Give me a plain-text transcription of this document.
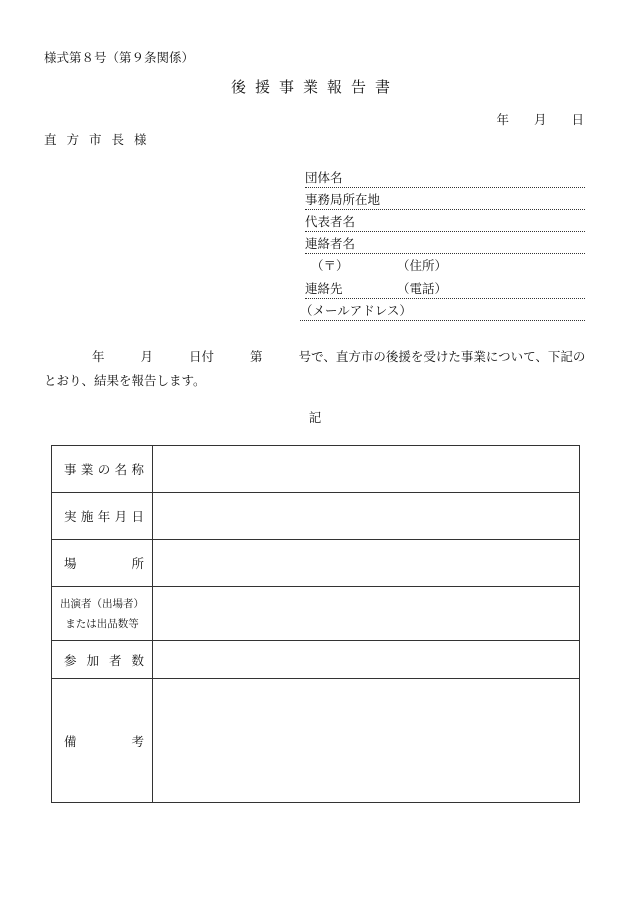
様式第８号（第９条関係）
後援事業報告書
年　　月　　日
直方市長様
団体名
事務局所在地
代表者名
連絡者名
（〒）	（住所）
連絡先	（電話）
（メールアドレス）
年	月	日付	第	号で、直方市の後援を受けた事業について、下記のとおり、結果を報告します。
記
事 業 の 名 称	

実 施 年 月 日	

場 所	

出演者（出場者）
または出品数等	

参 加 者 数	

備 考	
